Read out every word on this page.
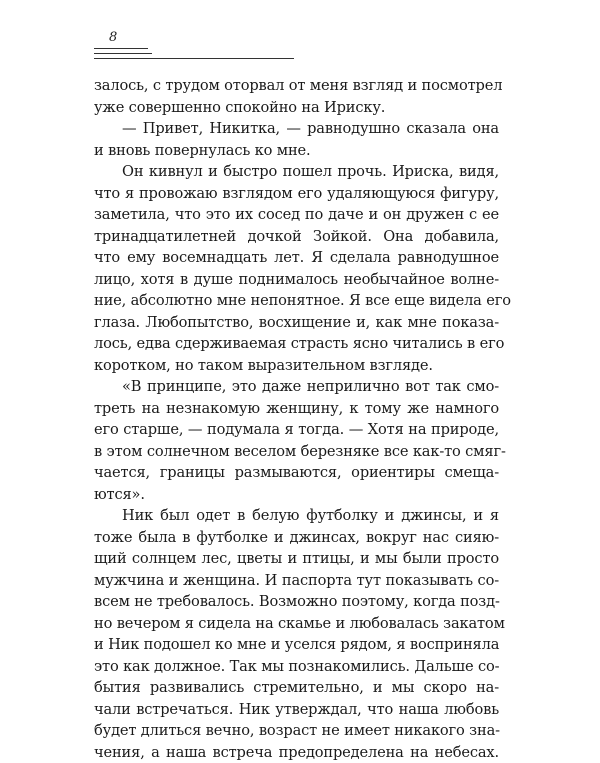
8
залось, с трудом оторвал от меня взгляд и посмотрел
уже совершенно спокойно на Ириску.
— Привет, Никитка, — равнодушно сказала она
и вновь повернулась ко мне.
Он кивнул и быстро пошел прочь. Ириска, видя,
что я провожаю взглядом его удаляющуюся фигуру,
заметила, что это их сосед по даче и он дружен с ее
тринадцатилетней дочкой Зойкой. Она добавила,
что ему восемнадцать лет. Я сделала равнодушное
лицо, хотя в душе поднималось необычайное волне-
ние, абсолютно мне непонятное. Я все еще видела его
глаза. Любопытство, восхищение и, как мне показа-
лось, едва сдерживаемая страсть ясно читались в его
коротком, но таком выразительном взгляде.
«В принципе, это даже неприлично вот так смо-
треть на незнакомую женщину, к тому же намного
его старше, — подумала я тогда. — Хотя на природе,
в этом солнечном веселом березняке все как-то смяг-
чается, границы размываются, ориентиры смеща-
ются».
Ник был одет в белую футболку и джинсы, и я
тоже была в футболке и джинсах, вокруг нас сияю-
щий солнцем лес, цветы и птицы, и мы были просто
мужчина и женщина. И паспорта тут показывать со-
всем не требовалось. Возможно поэтому, когда позд-
но вечером я сидела на скамье и любовалась закатом
и Ник подошел ко мне и уселся рядом, я восприняла
это как должное. Так мы познакомились. Дальше со-
бытия развивались стремительно, и мы скоро на-
чали встречаться. Ник утверждал, что наша любовь
будет длиться вечно, возраст не имеет никакого зна-
чения, а наша встреча предопределена на небесах.
